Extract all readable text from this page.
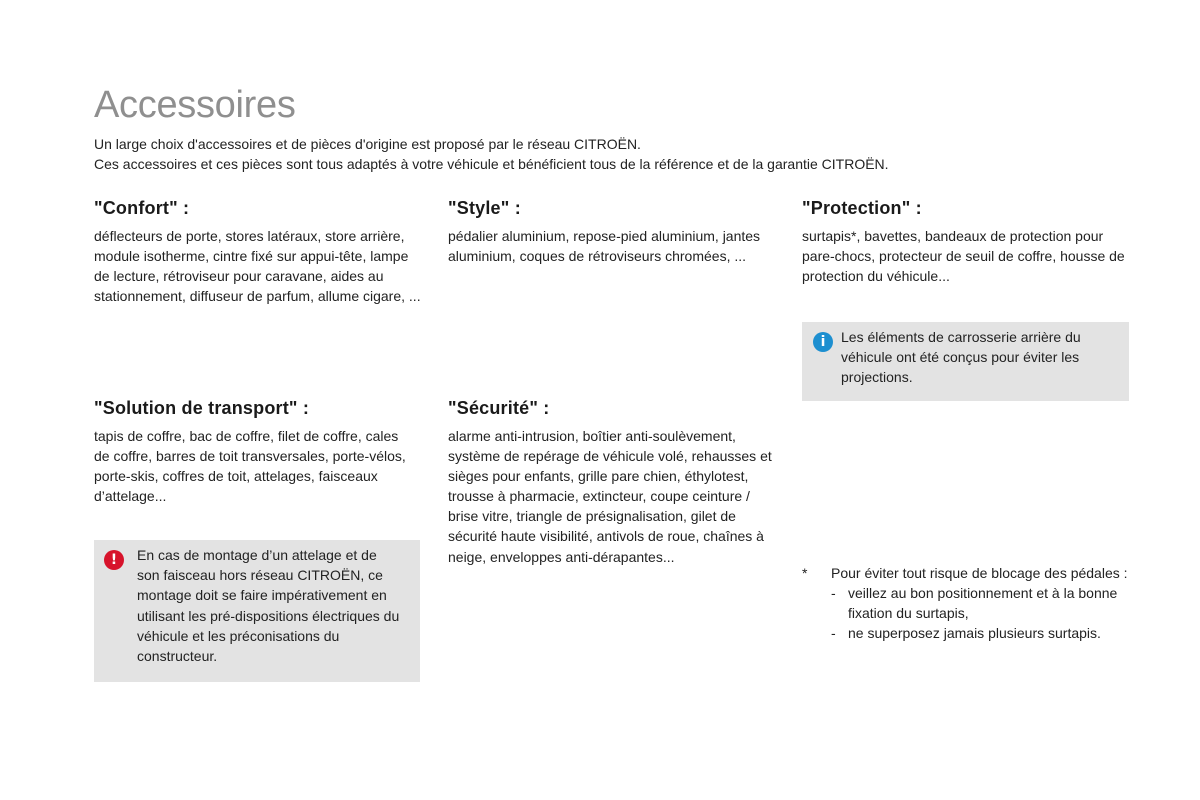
Accessoires

Un large choix d'accessoires et de pièces d'origine est proposé par le réseau CITROËN.

Ces accessoires et ces pièces sont tous adaptés à votre véhicule et bénéficient tous de la référence et de la garantie CITROËN.

"Confort" :

déflecteurs de porte, stores latéraux, store arrière, module isotherme, cintre fixé sur appui-tête, lampe de lecture, rétroviseur pour caravane, aides au stationnement, diffuseur de parfum, allume cigare, ...

"Style" :

pédalier aluminium, repose-pied aluminium, jantes aluminium, coques de rétroviseurs chromées, ...

"Protection" :

surtapis*, bavettes, bandeaux de protection pour pare-chocs, protecteur de seuil de coffre, housse de protection du véhicule...

"Solution de transport" :

tapis de coffre, bac de coffre, filet de coffre, cales de coffre, barres de toit transversales, porte-vélos, porte-skis, coffres de toit, attelages, faisceaux d’attelage...

"Sécurité" :

alarme anti-intrusion, boîtier anti-soulèvement, système de repérage de véhicule volé, rehausses et sièges pour enfants, grille pare chien, éthylotest, trousse à pharmacie, extincteur, coupe ceinture / brise vitre, triangle de présignalisation, gilet de sécurité haute visibilité, antivols de roue, chaînes à neige, enveloppes anti-dérapantes...

i	Les éléments de carrosserie arrière du véhicule ont été conçus pour éviter les projections.
!	En cas de montage d’un attelage et de son faisceau hors réseau CITROËN, ce montage doit se faire impérativement en utilisant les pré-dispositions électriques du véhicule et les préconisations du constructeur.
* Pour éviter tout risque de blocage des pédales :
- veillez au bon positionnement et à la bonne fixation du surtapis,
- ne superposez jamais plusieurs surtapis.
